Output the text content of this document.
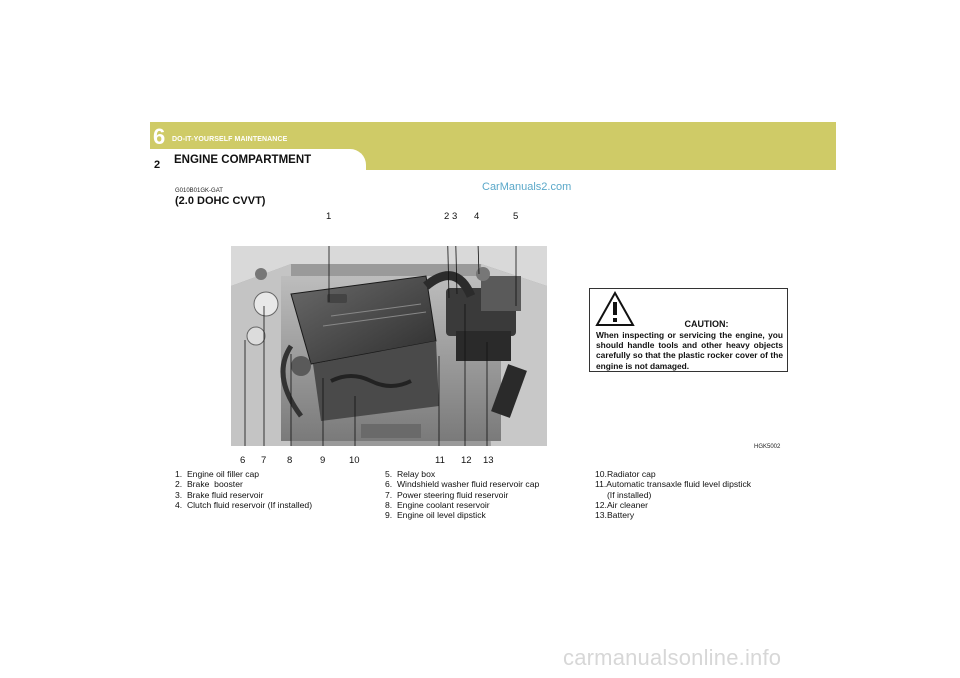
6 DO-IT-YOURSELF MAINTENANCE
2 ENGINE COMPARTMENT
CarManuals2.com
G010B01GK-GAT
(2.0 DOHC CVVT)
1	2 3 4	5
6 7 8	9 10	11 12 13
1.  Engine oil filler cap
2.  Brake  booster
3.  Brake fluid reservoir
4.  Clutch fluid reservoir (If installed)
5.  Relay box
6.  Windshield washer fluid reservoir cap
7.  Power steering fluid reservoir
8.  Engine coolant reservoir
9.  Engine oil level dipstick
10.Radiator cap
11.Automatic transaxle fluid level dipstick
(If installed)
12.Air cleaner
13.Battery
CAUTION:
When inspecting or servicing the engine, you should handle tools and other heavy objects carefully so that the plastic rocker cover of the engine is not damaged.
HGK5002
carmanualsonline.info
